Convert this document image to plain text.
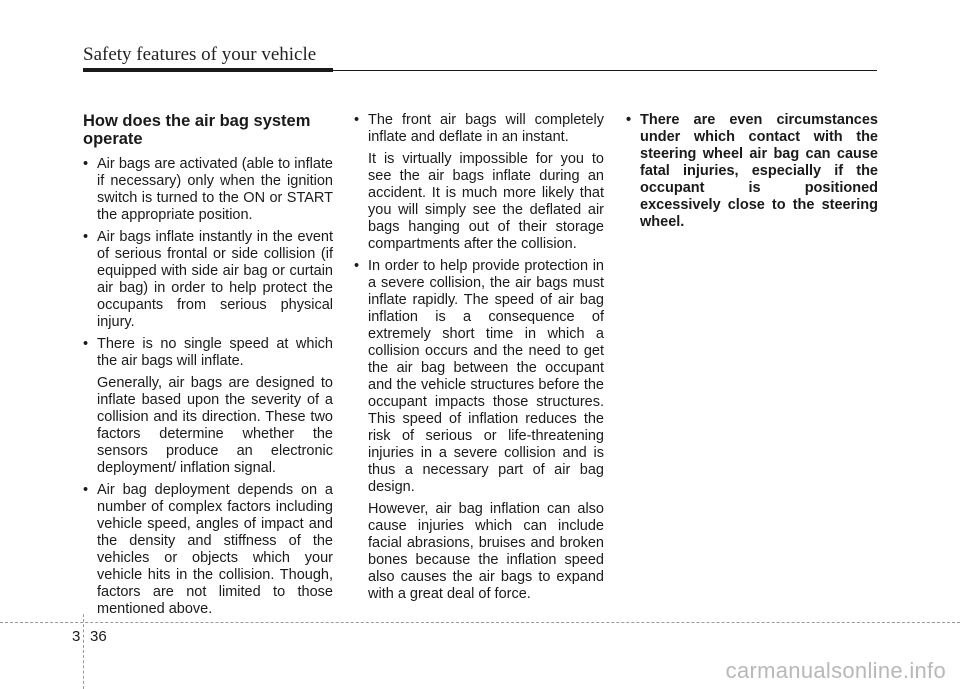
Safety features of your vehicle
How does the air bag system operate
• Air bags are activated (able to inflate if necessary) only when the ignition switch is turned to the ON or START the appropriate position.
• Air bags inflate instantly in the event of serious frontal or side collision (if equipped with side air bag or curtain air bag) in order to help protect the occupants from serious physical injury.
• There is no single speed at which the air bags will inflate.
Generally, air bags are designed to inflate based upon the severity of a collision and its direction. These two factors determine whether the sensors produce an electronic deployment/ inflation signal.
• Air bag deployment depends on a number of complex factors including vehicle speed, angles of impact and the density and stiffness of the vehicles or objects which your vehicle hits in the collision. Though, factors are not limited to those mentioned above.
• The front air bags will completely inflate and deflate in an instant.
It is virtually impossible for you to see the air bags inflate during an accident. It is much more likely that you will simply see the deflated air bags hanging out of their storage compartments after the collision.
• In order to help provide protection in a severe collision, the air bags must inflate rapidly. The speed of air bag inflation is a consequence of extremely short time in which a collision occurs and the need to get the air bag between the occupant and the vehicle structures before the occupant impacts those structures. This speed of inflation reduces the risk of serious or life-threatening injuries in a severe collision and is thus a necessary part of air bag design.
However, air bag inflation can also cause injuries which can include facial abrasions, bruises and broken bones because the inflation speed also causes the air bags to expand with a great deal of force.
• There are even circumstances under which contact with the steering wheel air bag can cause fatal injuries, especially if the occupant is positioned excessively close to the steering wheel.
3 36
carmanualsonline.info
